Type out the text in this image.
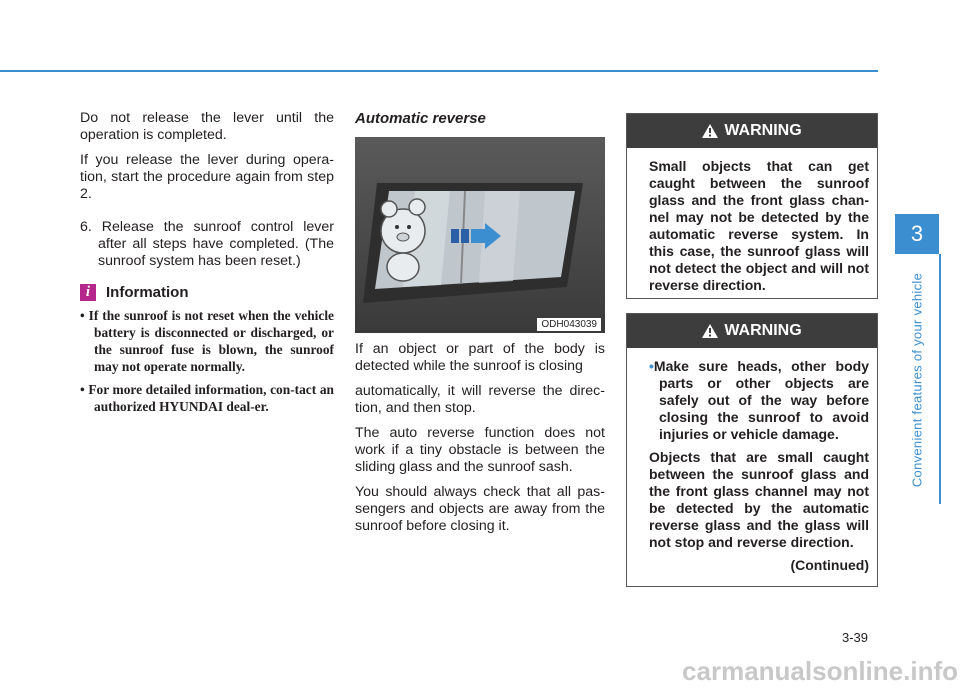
Do not release the lever until the operation is completed.

If you release the lever during opera-tion, start the procedure again from step 2.

6. Release the sunroof control lever after all steps have completed. (The sunroof system has been reset.)

i	Information
• If the sunroof is not reset when the vehicle battery is disconnected or discharged, or the sunroof fuse is blown, the sunroof may not operate normally.
• For more detailed information, con-tact an authorized HYUNDAI deal-er.
Automatic reverse
ODH043039

If an object or part of the body is detected while the sunroof is closing

automatically, it will reverse the direc-tion, and then stop.

The auto reverse function does not work if a tiny obstacle is between the sliding glass and the sunroof sash.

You should always check that all pas-sengers and objects are away from the sunroof before closing it.

WARNING
Small objects that can get caught between the sunroof glass and the front glass chan-nel may not be detected by the automatic reverse system. In this case, the sunroof glass will not detect the object and will not reverse direction.
WARNING
•Make sure heads, other body parts or other objects are safely out of the way before closing the sunroof to avoid injuries or vehicle damage.
Objects that are small caught between the sunroof glass and the front glass channel may not be detected by the automatic reverse glass and the glass will not stop and reverse direction.
(Continued)
3
Convenient features of your vehicle
3-39
carmanualsonline.info
